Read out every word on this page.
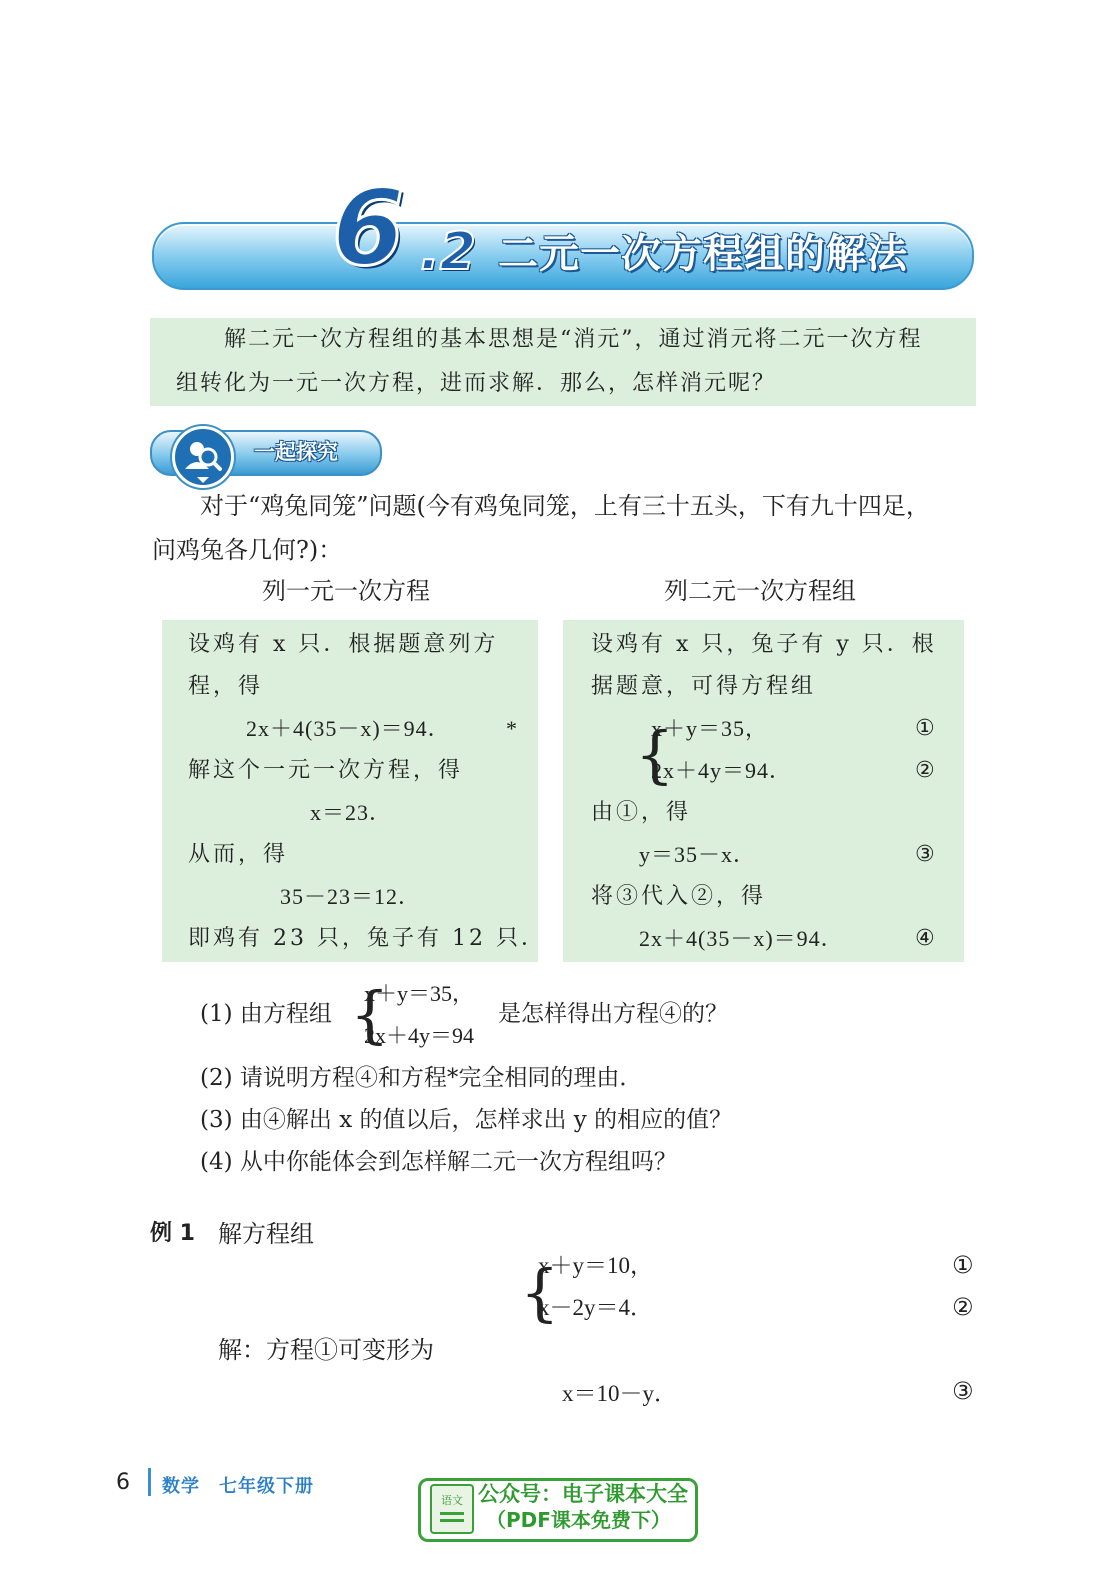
6 .2 二元一次方程组的解法
解二元一次方程组的基本思想是“消元”，通过消元将二元一次方程
组转化为一元一次方程，进而求解．那么，怎样消元呢？
一起探究
对于“鸡兔同笼”问题(今有鸡兔同笼，上有三十五头，下有九十四足，
问鸡兔各几何?)：
列一元一次方程	列二元一次方程组
设鸡有 x 只．根据题意列方
程，得
2x＋4(35－x)＝94．	*
解这个一元一次方程，得
x＝23．
从而，得
35－23＝12．
即鸡有 23 只，兔子有 12 只．
设鸡有 x 只，兔子有 y 只．根
据题意，可得方程组
{
x＋y＝35，	①
2x＋4y＝94．	②
由①，得
y＝35－x．	③
将③代入②，得
2x＋4(35－x)＝94．	④
(1) 由方程组 {
x＋y＝35，
2x＋4y＝94
是怎样得出方程④的？
(2) 请说明方程④和方程*完全相同的理由．
(3) 由④解出 x 的值以后，怎样求出 y 的相应的值？
(4) 从中你能体会到怎样解二元一次方程组吗？
例 1 解方程组
{
x＋y＝10，	①
x－2y＝4．	②
解：方程①可变形为
x＝10－y．	③
6 数学　七年级下册
语文 公众号：电子课本大全
（PDF课本免费下）
